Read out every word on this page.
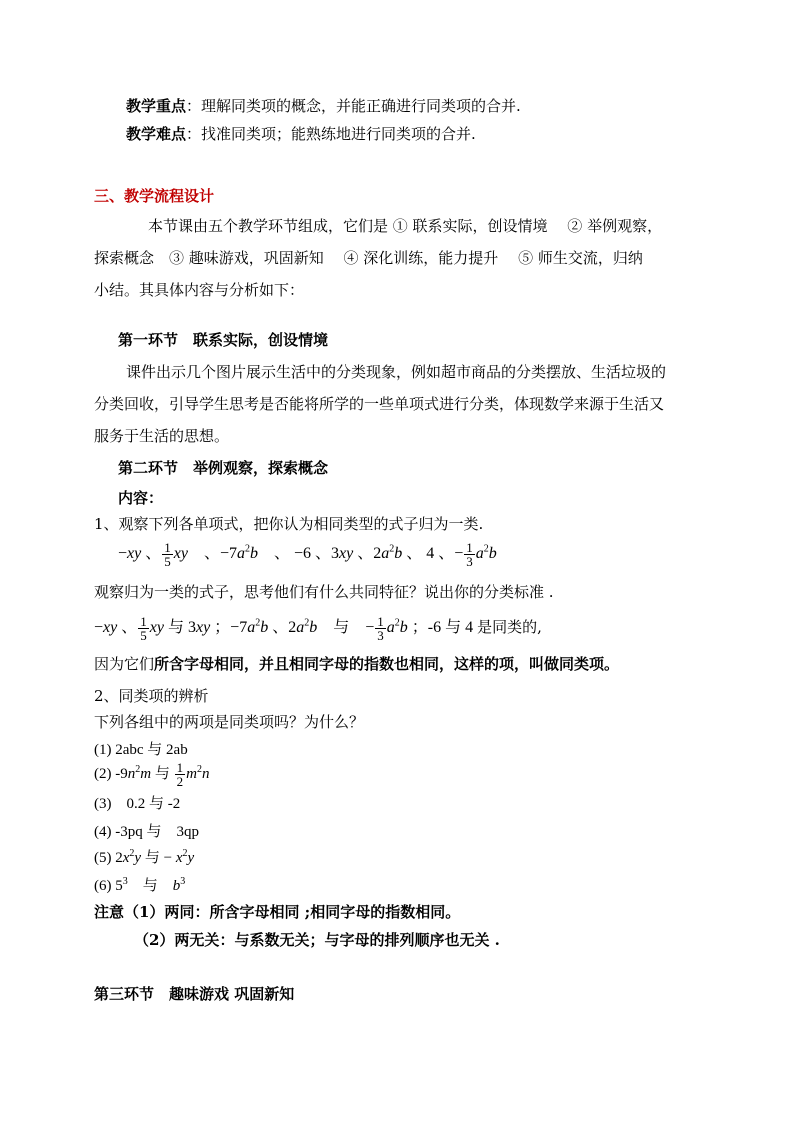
教学重点：理解同类项的概念，并能正确进行同类项的合并.
教学难点：找准同类项；能熟练地进行同类项的合并.
三、教学流程设计
本节课由五个教学环节组成，它们是 ① 联系实际，创设情境　 ② 举例观察，
探索概念　③ 趣味游戏，巩固新知　 ④ 深化训练，能力提升　 ⑤ 师生交流，归纳
小结。其具体内容与分析如下：
第一环节　联系实际，创设情境
课件出示几个图片展示生活中的分类现象，例如超市商品的分类摆放、生活垃圾的
分类回收，引导学生思考是否能将所学的一些单项式进行分类，体现数学来源于生活又
服务于生活的思想。
第二环节　举例观察，探索概念
内容：
1、观察下列各单项式，把你认为相同类型的式子归为一类.
−xy 、 $\frac{1}{5}$ xy　、$-7a^2b$　、 −6 、3xy 、$2a^2b$ 、 4 、− $\frac{1}{3} a^2b$
观察归为一类的式子，思考他们有什么共同特征？说出你的分类标准 .
−xy 、 $\frac{1}{5}$ xy 与 3xy ；$-7a^2b$ 、$2a^2b$　与　− $\frac{1}{3} a^2b$ ；-6 与 4 是同类的,
因为它们所含字母相同，并且相同字母的指数也相同，这样的项，叫做同类项。
2、同类项的辨析
下列各组中的两项是同类项吗？为什么？
(1) 2abc 与 2ab
(2) $-9n^2m$ 与 $\frac{1}{2} m^2n$
(3)　0.2 与 -2
(4) -3pq 与　3qp
(5) $2x^2y$ 与 − $x^2y$
(6) $5^3$　与　$b^3$
注意（1）两同：所含字母相同 ;相同字母的指数相同。
（2）两无关：与系数无关；与字母的排列顺序也无关 .
第三环节　趣味游戏 巩固新知
